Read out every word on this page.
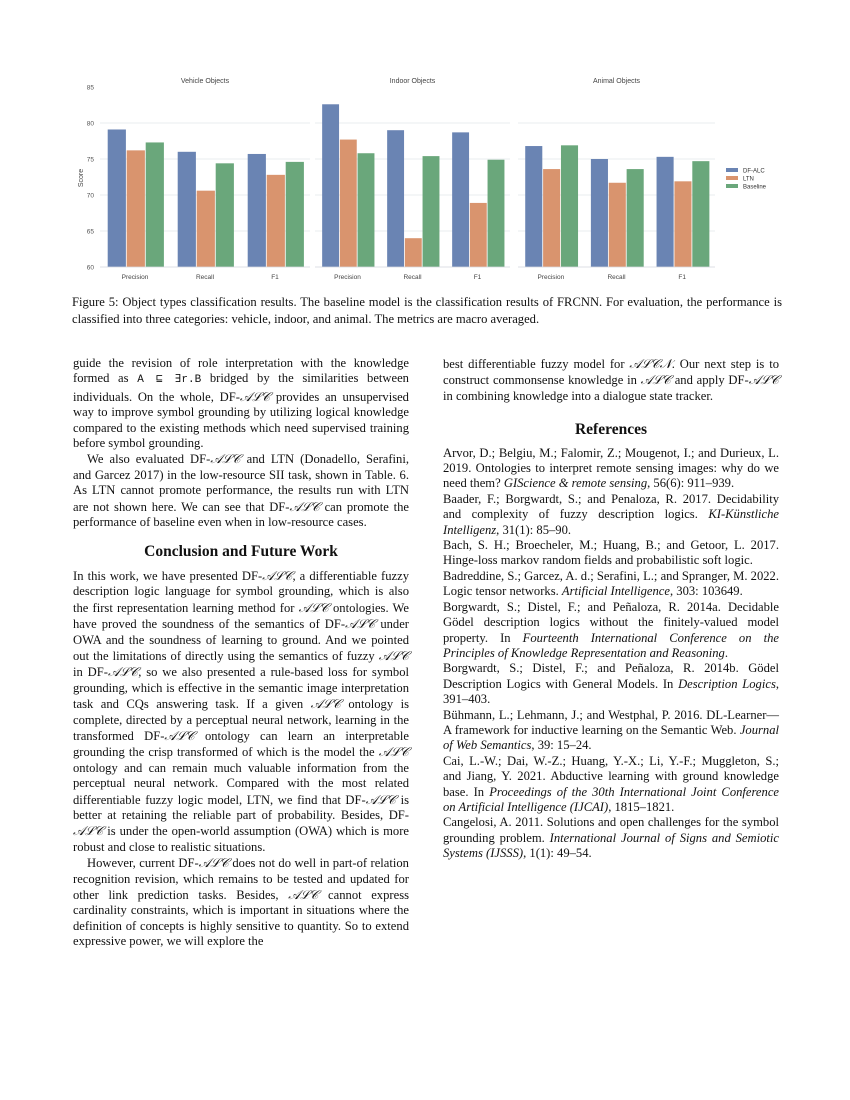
60
65
70
75
80
85
Score
Vehicle Objects
Precision	Recall	F1
Indoor Objects
Precision	Recall	F1
Animal Objects
Precision	Recall	F1
DF-ALC
LTN
Baseline
Figure 5: Object types classification results. The baseline model is the classification results of FRCNN. For evaluation, the performance is classified into three categories: vehicle, indoor, and animal. The metrics are macro averaged.

guide the revision of role interpretation with the knowledge formed as A ⊑ ∃r.B bridged by the similarities between individuals. On the whole, DF-𝒜ℒ𝒞 provides an unsupervised way to improve symbol grounding by utilizing logical knowledge compared to the existing methods which need supervised training before symbol grounding.

We also evaluated DF-𝒜ℒ𝒞 and LTN (Donadello, Serafini, and Garcez 2017) in the low-resource SII task, shown in Table. 6. As LTN cannot promote performance, the results run with LTN are not shown here. We can see that DF-𝒜ℒ𝒞 can promote the performance of baseline even when in low-resource cases.

Conclusion and Future Work

In this work, we have presented DF-𝒜ℒ𝒞, a differentiable fuzzy description logic language for symbol grounding, which is also the first representation learning method for 𝒜ℒ𝒞 ontologies. We have proved the soundness of the semantics of DF-𝒜ℒ𝒞 under OWA and the soundness of learning to ground. And we pointed out the limitations of directly using the semantics of fuzzy 𝒜ℒ𝒞 in DF-𝒜ℒ𝒞, so we also presented a rule-based loss for symbol grounding, which is effective in the semantic image interpretation task and CQs answering task. If a given 𝒜ℒ𝒞 ontology is complete, directed by a perceptual neural network, learning in the transformed DF-𝒜ℒ𝒞 ontology can learn an interpretable grounding the crisp transformed of which is the model the 𝒜ℒ𝒞 ontology and can remain much valuable information from the perceptual neural network. Compared with the most related differentiable fuzzy logic model, LTN, we find that DF-𝒜ℒ𝒞 is better at retaining the reliable part of probability. Besides, DF-𝒜ℒ𝒞 is under the open-world assumption (OWA) which is more robust and close to realistic situations.

However, current DF-𝒜ℒ𝒞 does not do well in part-of relation recognition revision, which remains to be tested and updated for other link prediction tasks. Besides, 𝒜ℒ𝒞 cannot express cardinality constraints, which is important in situations where the definition of concepts is highly sensitive to quantity. So to extend expressive power, we will explore the

best differentiable fuzzy model for 𝒜ℒ𝒞𝒩. Our next step is to construct commonsense knowledge in 𝒜ℒ𝒞 and apply DF-𝒜ℒ𝒞 in combining knowledge into a dialogue state tracker.

References

Arvor, D.; Belgiu, M.; Falomir, Z.; Mougenot, I.; and Durieux, L. 2019. Ontologies to interpret remote sensing images: why do we need them? GIScience & remote sensing, 56(6): 911–939.

Baader, F.; Borgwardt, S.; and Penaloza, R. 2017. Decidability and complexity of fuzzy description logics. KI-Künstliche Intelligenz, 31(1): 85–90.

Bach, S. H.; Broecheler, M.; Huang, B.; and Getoor, L. 2017. Hinge-loss markov random fields and probabilistic soft logic.

Badreddine, S.; Garcez, A. d.; Serafini, L.; and Spranger, M. 2022. Logic tensor networks. Artificial Intelligence, 303: 103649.

Borgwardt, S.; Distel, F.; and Peñaloza, R. 2014a. Decidable Gödel description logics without the finitely-valued model property. In Fourteenth International Conference on the Principles of Knowledge Representation and Reasoning.

Borgwardt, S.; Distel, F.; and Peñaloza, R. 2014b. Gödel Description Logics with General Models. In Description Logics, 391–403.

Bühmann, L.; Lehmann, J.; and Westphal, P. 2016. DL-Learner—A framework for inductive learning on the Semantic Web. Journal of Web Semantics, 39: 15–24.

Cai, L.-W.; Dai, W.-Z.; Huang, Y.-X.; Li, Y.-F.; Muggleton, S.; and Jiang, Y. 2021. Abductive learning with ground knowledge base. In Proceedings of the 30th International Joint Conference on Artificial Intelligence (IJCAI), 1815–1821.

Cangelosi, A. 2011. Solutions and open challenges for the symbol grounding problem. International Journal of Signs and Semiotic Systems (IJSSS), 1(1): 49–54.
